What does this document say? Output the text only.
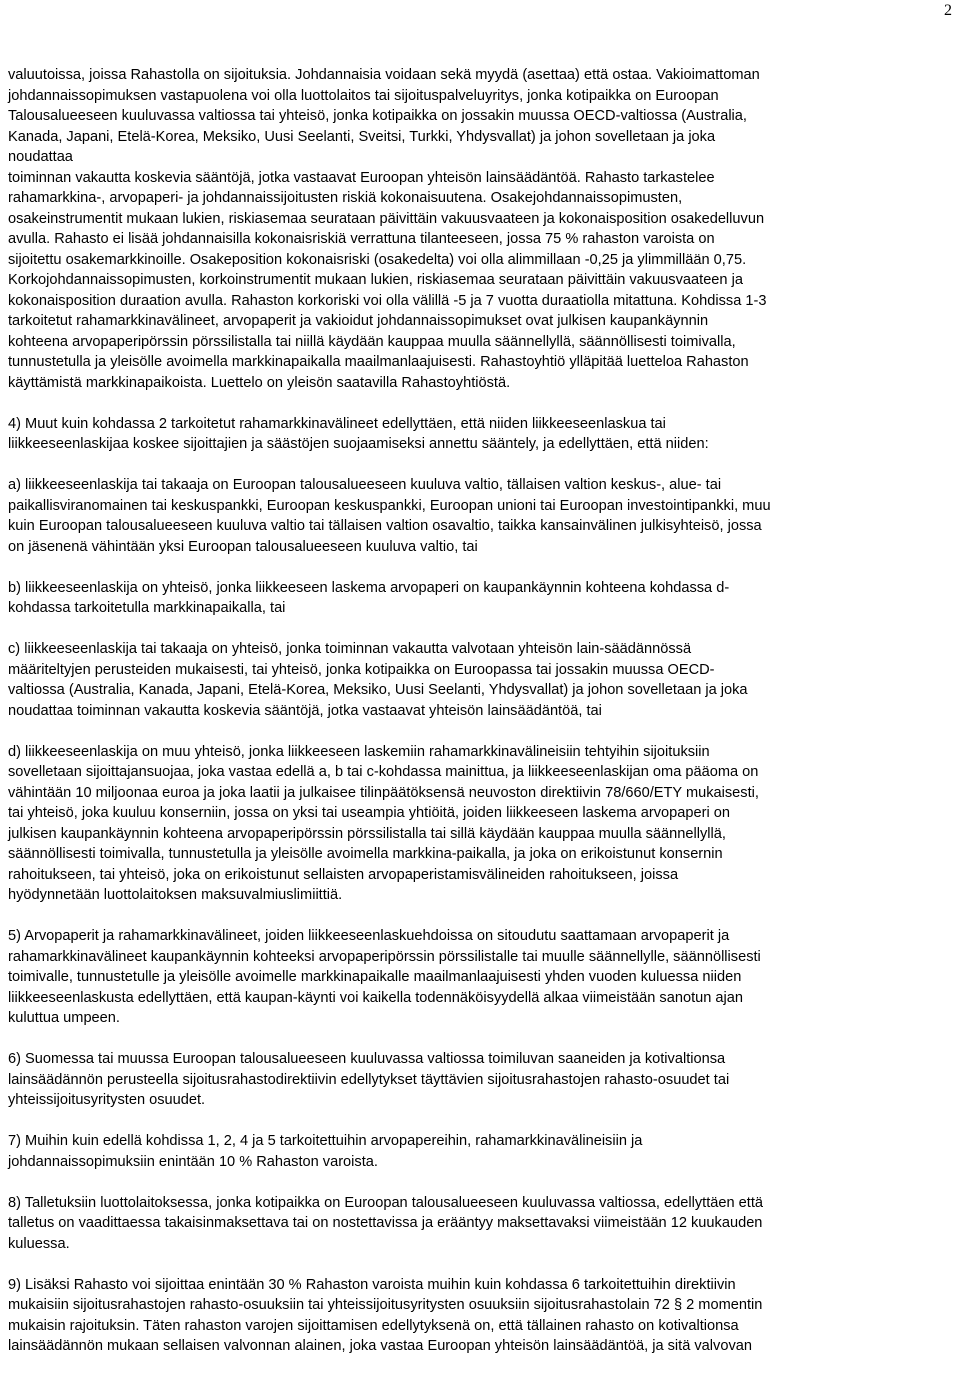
2

valuutoissa, joissa Rahastolla on sijoituksia. Johdannaisia voidaan sekä myydä (asettaa) että ostaa. Vakioimattoman
johdannaissopimuksen vastapuolena voi olla luottolaitos tai sijoituspalveluyritys, jonka kotipaikka on Euroopan
Talousalueeseen kuuluvassa valtiossa tai yhteisö, jonka kotipaikka on jossakin muussa OECD-valtiossa (Australia,
Kanada, Japani, Etelä-Korea, Meksiko, Uusi Seelanti, Sveitsi, Turkki, Yhdysvallat) ja johon sovelletaan ja joka
noudattaa
toiminnan vakautta koskevia sääntöjä, jotka vastaavat Euroopan yhteisön lainsäädäntöä. Rahasto tarkastelee
rahamarkkina-, arvopaperi- ja johdannaissijoitusten riskiä kokonaisuutena. Osakejohdannaissopimusten,
osakeinstrumentit mukaan lukien, riskiasemaa seurataan päivittäin vakuusvaateen ja kokonaisposition osakedelluvun
avulla. Rahasto ei lisää johdannaisilla kokonaisriskiä verrattuna tilanteeseen, jossa 75 % rahaston varoista on
sijoitettu osakemarkkinoille. Osakeposition kokonaisriski (osakedelta) voi olla alimmillaan -0,25 ja ylimmillään 0,75.
Korkojohdannaissopimusten, korkoinstrumentit mukaan lukien, riskiasemaa seurataan päivittäin vakuusvaateen ja
kokonaisposition duraation avulla. Rahaston korkoriski voi olla välillä -5 ja 7 vuotta duraatiolla mitattuna. Kohdissa 1-3
tarkoitetut rahamarkkinavälineet, arvopaperit ja vakioidut johdannaissopimukset ovat julkisen kaupankäynnin
kohteena arvopaperipörssin pörssilistalla tai niillä käydään kauppaa muulla säännellyllä, säännöllisesti toimivalla,
tunnustetulla ja yleisölle avoimella markkinapaikalla maailmanlaajuisesti. Rahastoyhtiö ylläpitää luetteloa Rahaston
käyttämistä markkinapaikoista. Luettelo on yleisön saatavilla Rahastoyhtiöstä.

4) Muut kuin kohdassa 2 tarkoitetut rahamarkkinavälineet edellyttäen, että niiden liikkeeseenlaskua tai
liikkeeseenlaskijaa koskee sijoittajien ja säästöjen suojaamiseksi annettu sääntely, ja edellyttäen, että niiden:

a) liikkeeseenlaskija tai takaaja on Euroopan talousalueeseen kuuluva valtio, tällaisen valtion keskus-, alue- tai
paikallisviranomainen tai keskuspankki, Euroopan keskuspankki, Euroopan unioni tai Euroopan investointipankki, muu
kuin Euroopan talousalueeseen kuuluva valtio tai tällaisen valtion osavaltio, taikka kansainvälinen julkisyhteisö, jossa
on jäsenenä vähintään yksi Euroopan talousalueeseen kuuluva valtio, tai

b) liikkeeseenlaskija on yhteisö, jonka liikkeeseen laskema arvopaperi on kaupankäynnin kohteena kohdassa d-
kohdassa tarkoitetulla markkinapaikalla, tai

c) liikkeeseenlaskija tai takaaja on yhteisö, jonka toiminnan vakautta valvotaan yhteisön lain-säädännössä
määriteltyjen perusteiden mukaisesti, tai yhteisö, jonka kotipaikka on Euroopassa tai jossakin muussa OECD-
valtiossa (Australia, Kanada, Japani, Etelä-Korea, Meksiko, Uusi Seelanti, Yhdysvallat) ja johon sovelletaan ja joka
noudattaa toiminnan vakautta koskevia sääntöjä, jotka vastaavat yhteisön lainsäädäntöä, tai

d) liikkeeseenlaskija on muu yhteisö, jonka liikkeeseen laskemiin rahamarkkinavälineisiin tehtyihin sijoituksiin
sovelletaan sijoittajansuojaa, joka vastaa edellä a, b tai c-kohdassa mainittua, ja liikkeeseenlaskijan oma pääoma on
vähintään 10 miljoonaa euroa ja joka laatii ja julkaisee tilinpäätöksensä neuvoston direktiivin 78/660/ETY mukaisesti,
tai yhteisö, joka kuuluu konserniin, jossa on yksi tai useampia yhtiöitä, joiden liikkeeseen laskema arvopaperi on
julkisen kaupankäynnin kohteena arvopaperipörssin pörssilistalla tai sillä käydään kauppaa muulla säännellyllä,
säännöllisesti toimivalla, tunnustetulla ja yleisölle avoimella markkina-paikalla, ja joka on erikoistunut konsernin
rahoitukseen, tai yhteisö, joka on erikoistunut sellaisten arvopaperistamisvälineiden rahoitukseen, joissa
hyödynnetään luottolaitoksen maksuvalmiuslimiittiä.

5) Arvopaperit ja rahamarkkinavälineet, joiden liikkeeseenlaskuehdoissa on sitoudutu saattamaan arvopaperit ja
rahamarkkinavälineet kaupankäynnin kohteeksi arvopaperipörssin pörssilistalle tai muulle säännellylle, säännöllisesti
toimivalle, tunnustetulle ja yleisölle avoimelle markkinapaikalle maailmanlaajuisesti yhden vuoden kuluessa niiden
liikkeeseenlaskusta edellyttäen, että kaupan-käynti voi kaikella todennäköisyydellä alkaa viimeistään sanotun ajan
kuluttua umpeen.

6) Suomessa tai muussa Euroopan talousalueeseen kuuluvassa valtiossa toimiluvan saaneiden ja kotivaltionsa
lainsäädännön perusteella sijoitusrahastodirektiivin edellytykset täyttävien sijoitusrahastojen rahasto-osuudet tai
yhteissijoitusyritysten osuudet.

7) Muihin kuin edellä kohdissa 1, 2, 4 ja 5 tarkoitettuihin arvopapereihin, rahamarkkinavälineisiin ja
johdannaissopimuksiin enintään 10 % Rahaston varoista.

8) Talletuksiin luottolaitoksessa, jonka kotipaikka on Euroopan talousalueeseen kuuluvassa valtiossa, edellyttäen että
talletus on vaadittaessa takaisinmaksettava tai on nostettavissa ja erääntyy maksettavaksi viimeistään 12 kuukauden
kuluessa.

9) Lisäksi Rahasto voi sijoittaa enintään 30 % Rahaston varoista muihin kuin kohdassa 6 tarkoitettuihin direktiivin
mukaisiin sijoitusrahastojen rahasto-osuuksiin tai yhteissijoitusyritysten osuuksiin sijoitusrahastolain 72 § 2 momentin
mukaisin rajoituksin. Täten rahaston varojen sijoittamisen edellytyksenä on, että tällainen rahasto on kotivaltionsa
lainsäädännön mukaan sellaisen valvonnan alainen, joka vastaa Euroopan yhteisön lainsäädäntöä, ja sitä valvovan
